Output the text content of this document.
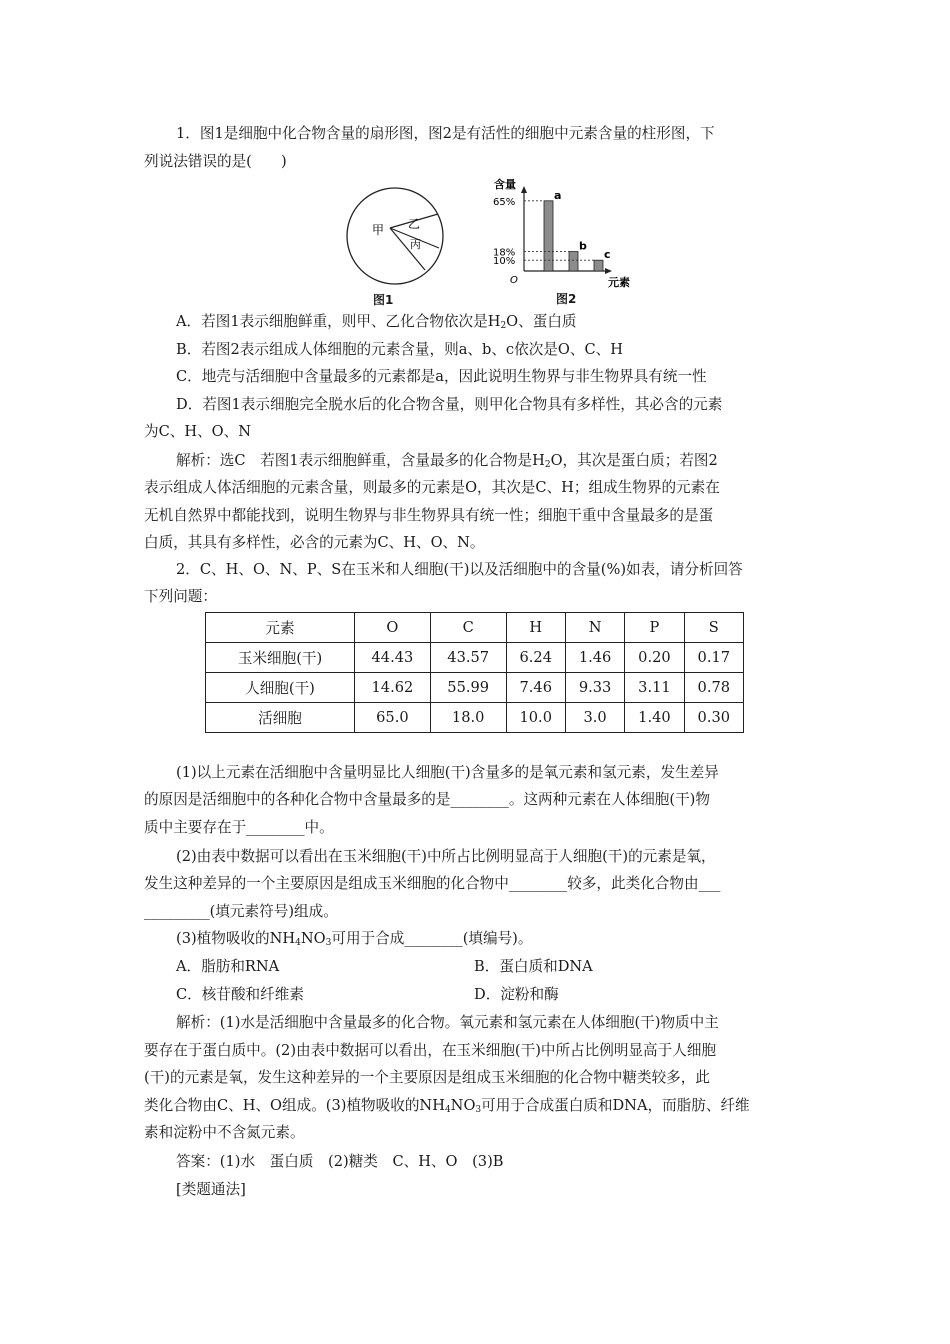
1．图1是细胞中化合物含量的扇形图，图2是有活性的细胞中元素含量的柱形图，下
列说法错误的是(　　)
甲 乙
丙
图1
含量
O	元素
65%
18%
10%
a
b
c
图2
A．若图1表示细胞鲜重，则甲、乙化合物依次是$H_2O$、蛋白质
B．若图2表示组成人体细胞的元素含量，则a、b、c依次是O、C、H
C．地壳与活细胞中含量最多的元素都是a，因此说明生物界与非生物界具有统一性
D．若图1表示细胞完全脱水后的化合物含量，则甲化合物具有多样性，其必含的元素
为C、H、O、N
解析：选C　若图1表示细胞鲜重，含量最多的化合物是$H_2O$，其次是蛋白质；若图2
表示组成人体活细胞的元素含量，则最多的元素是O，其次是C、H；组成生物界的元素在
无机自然界中都能找到，说明生物界与非生物界具有统一性；细胞干重中含量最多的是蛋
白质，其具有多样性，必含的元素为C、H、O、N。
2．C、H、O、N、P、S在玉米和人细胞(干)以及活细胞中的含量(%)如表，请分析回答
下列问题：
元素	O	C	H	N	P	S
玉米细胞(干)	44.43	43.57	6.24	1.46	0.20	0.17
人细胞(干)	14.62	55.99	7.46	9.33	3.11	0.78
活细胞	65.0	18.0	10.0	3.0	1.40	0.30
(1)以上元素在活细胞中含量明显比人细胞(干)含量多的是氧元素和氢元素，发生差异
的原因是活细胞中的各种化合物中含量最多的是________。这两种元素在人体细胞(干)物
质中主要存在于________中。
(2)由表中数据可以看出在玉米细胞(干)中所占比例明显高于人细胞(干)的元素是氧，
发生这种差异的一个主要原因是组成玉米细胞的化合物中________较多，此类化合物由___
_________(填元素符号)组成。
(3)植物吸收的$NH_4NO_3$可用于合成________(填编号)。
A．脂肪和RNA	B．蛋白质和DNA
C．核苷酸和纤维素	D．淀粉和酶
解析：(1)水是活细胞中含量最多的化合物。氧元素和氢元素在人体细胞(干)物质中主
要存在于蛋白质中。(2)由表中数据可以看出，在玉米细胞(干)中所占比例明显高于人细胞
(干)的元素是氧，发生这种差异的一个主要原因是组成玉米细胞的化合物中糖类较多，此
类化合物由C、H、O组成。(3)植物吸收的$NH_4NO_3$可用于合成蛋白质和DNA，而脂肪、纤维
素和淀粉中不含氮元素。
答案：(1)水　蛋白质　(2)糖类　C、H、O　(3)B
[类题通法]
